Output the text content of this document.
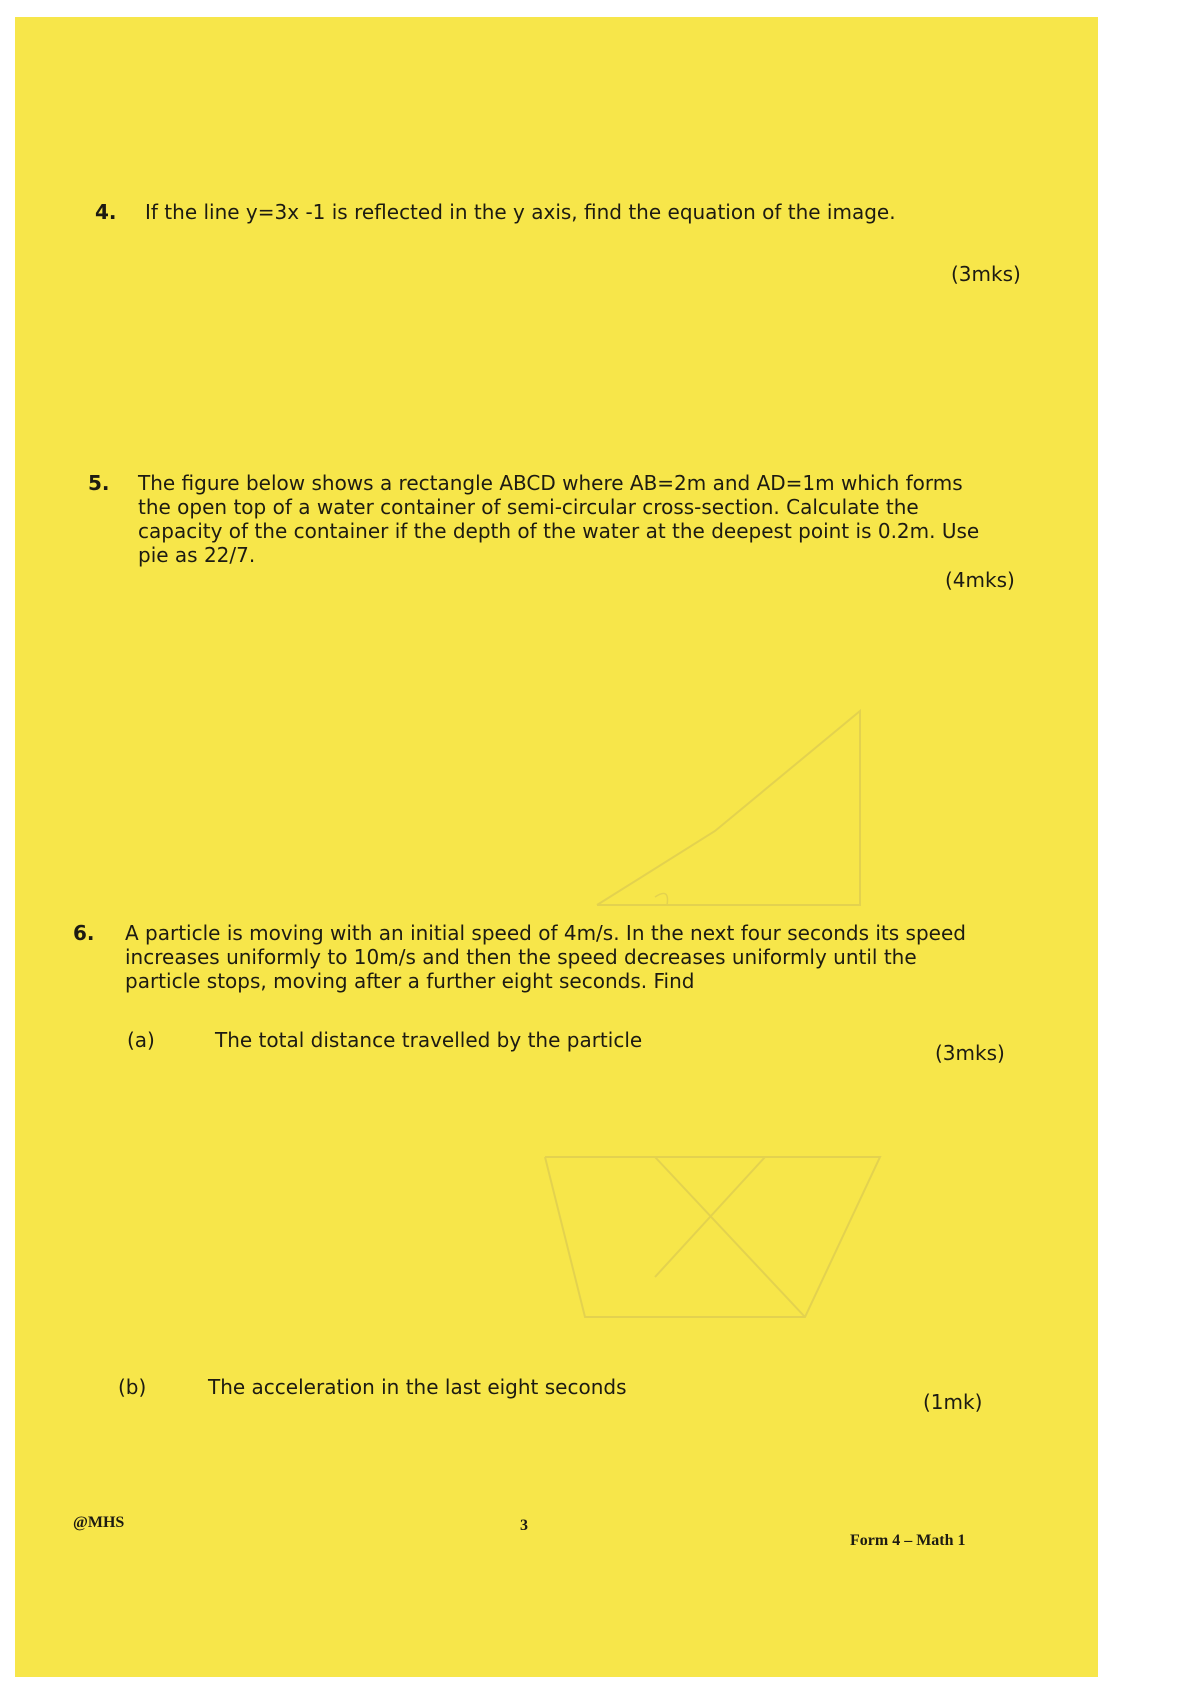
4. If the line y=3x -1 is reflected in the y axis, find the equation of the image.
(3mks)
5. The figure below shows a rectangle ABCD where AB=2m and AD=1m which forms
the open top of a water container of semi-circular cross-section. Calculate the
capacity of the container if the depth of the water at the deepest point is 0.2m. Use
pie as 22/7.
(4mks)
6. A particle is moving with an initial speed of 4m/s. In the next four seconds its speed
increases uniformly to 10m/s and then the speed decreases uniformly until the
particle stops, moving after a further eight seconds. Find
(a)	The total distance travelled by the particle
(3mks)
(b)	The acceleration in the last eight seconds
(1mk)
@MHS	3
Form 4 – Math 1
